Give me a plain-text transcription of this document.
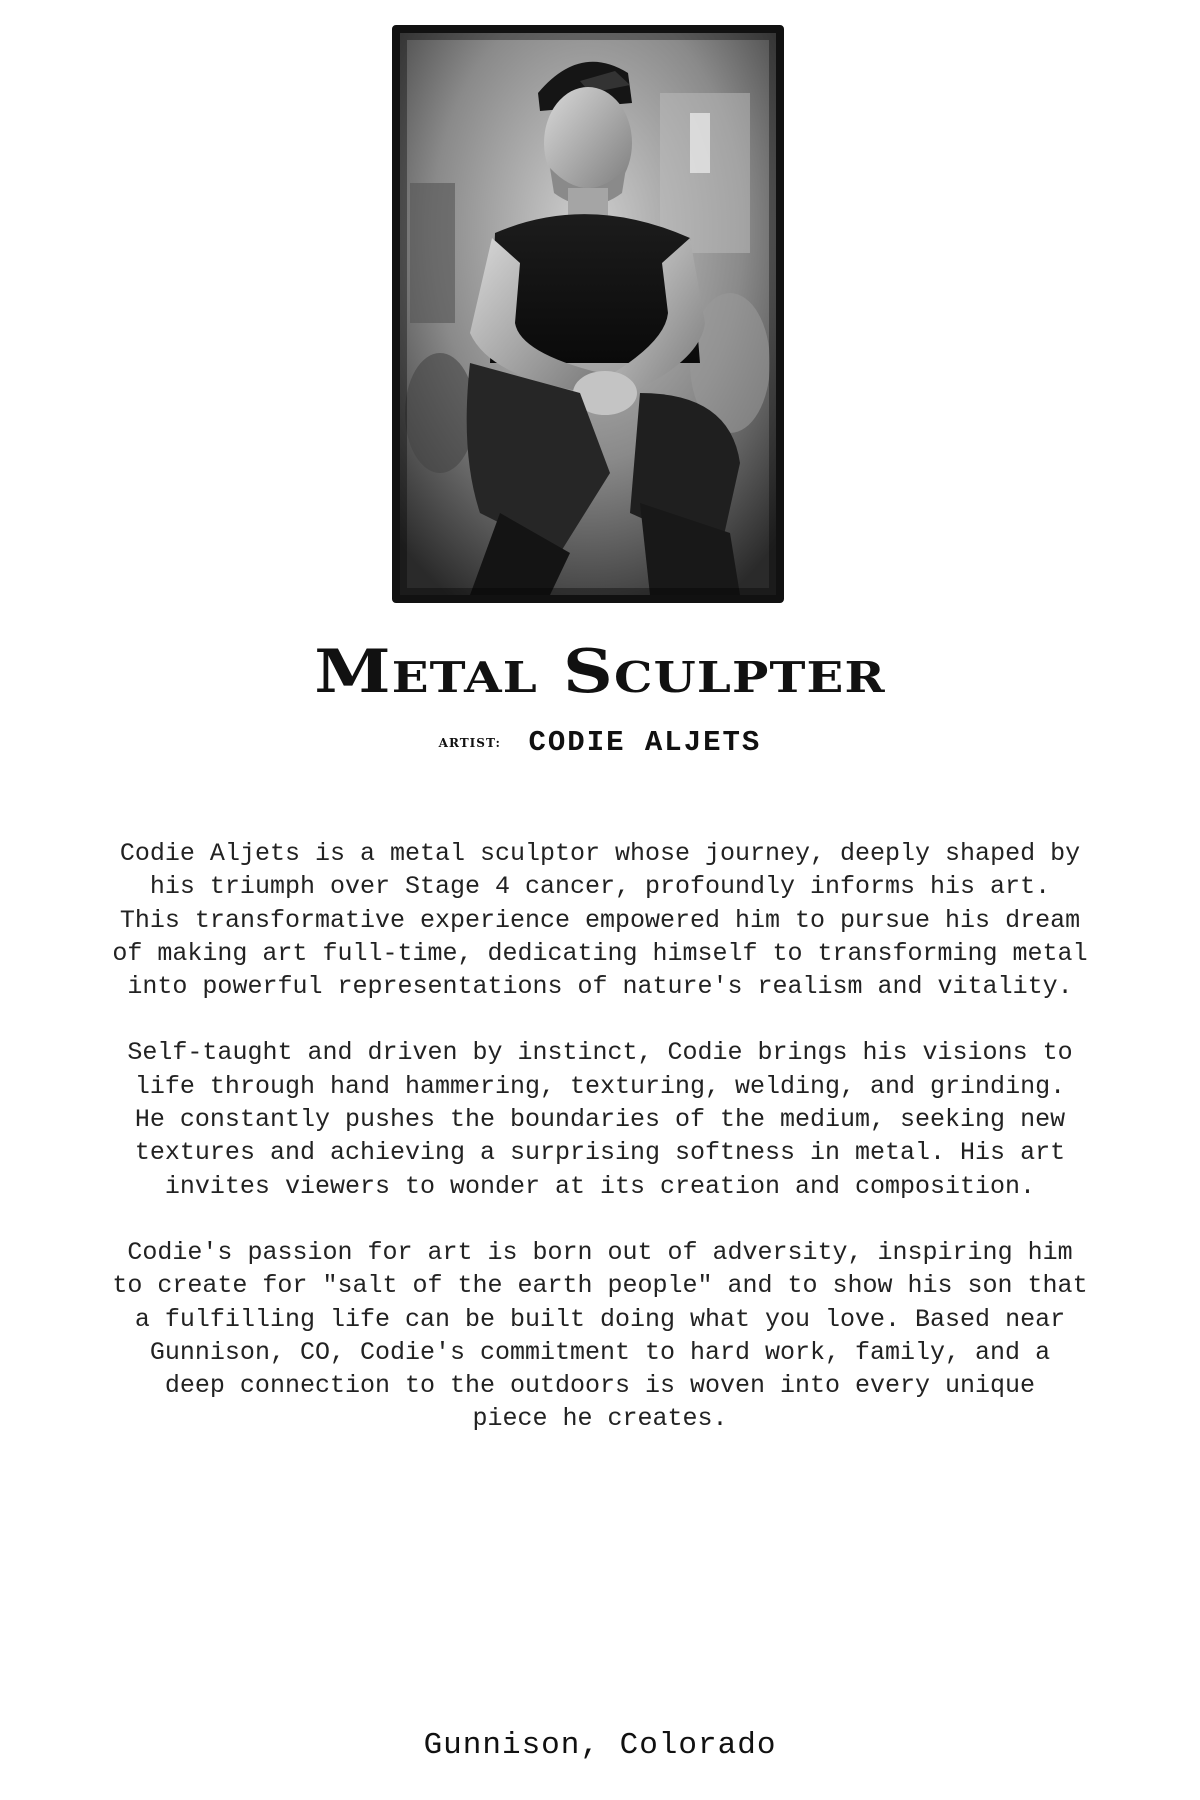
Metal Sculpter
ARTIST: CODIE ALJETS

Codie Aljets is a metal sculptor whose journey, deeply shaped by
his triumph over Stage 4 cancer, profoundly informs his art.
This transformative experience empowered him to pursue his dream
of making art full-time, dedicating himself to transforming metal
into powerful representations of nature's realism and vitality.

Self-taught and driven by instinct, Codie brings his visions to
life through hand hammering, texturing, welding, and grinding.
He constantly pushes the boundaries of the medium, seeking new
textures and achieving a surprising softness in metal. His art
invites viewers to wonder at its creation and composition.

Codie's passion for art is born out of adversity, inspiring him
to create for "salt of the earth people" and to show his son that
a fulfilling life can be built doing what you love. Based near
Gunnison, CO, Codie's commitment to hard work, family, and a
deep connection to the outdoors is woven into every unique
piece he creates.

Gunnison, Colorado
